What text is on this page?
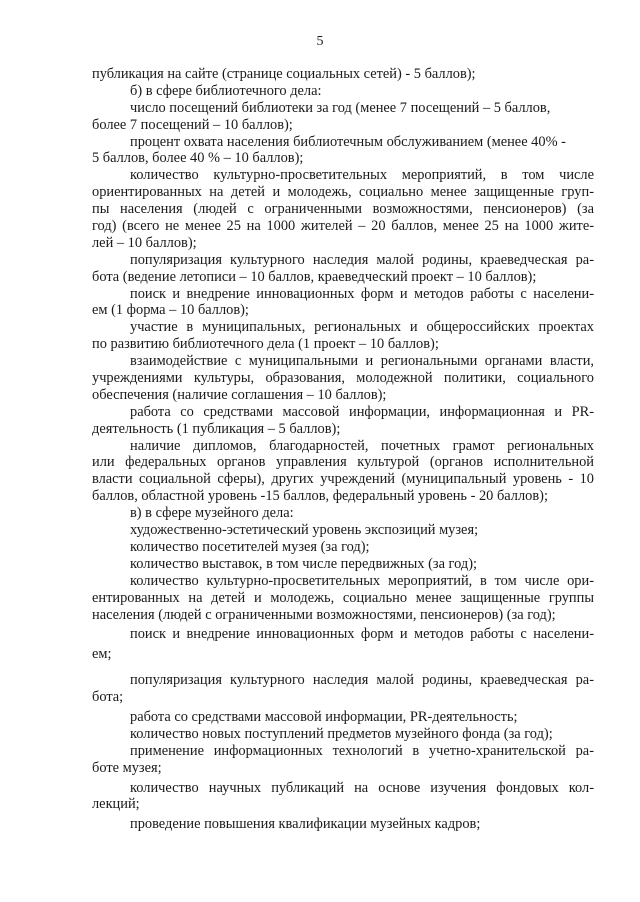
5
публикация на сайте (странице социальных сетей) - 5 баллов);
б) в сфере библиотечного дела:
число посещений библиотеки за год (менее 7 посещений – 5 баллов,
более 7 посещений – 10 баллов);
процент охвата населения библиотечным обслуживанием (менее 40% -
5 баллов, более 40 % – 10 баллов);
количество культурно-просветительных мероприятий, в том числе
ориентированных на детей и молодежь, социально менее защищенные груп-
пы населения (людей с ограниченными возможностями, пенсионеров) (за
год) (всего не менее 25 на 1000 жителей – 20 баллов, менее 25 на 1000 жите-
лей – 10 баллов);
популяризация культурного наследия малой родины, краеведческая ра-
бота (ведение летописи – 10 баллов, краеведческий проект – 10 баллов);
поиск и внедрение инновационных форм и методов работы с населени-
ем (1 форма – 10 баллов);
участие в муниципальных, региональных и общероссийских проектах
по развитию библиотечного дела (1 проект – 10 баллов);
взаимодействие с муниципальными и региональными органами власти,
учреждениями культуры, образования, молодежной политики, социального
обеспечения (наличие соглашения – 10 баллов);
работа со средствами массовой информации, информационная и PR-
деятельность (1 публикация – 5 баллов);
наличие дипломов, благодарностей, почетных грамот региональных
или федеральных органов управления культурой (органов исполнительной
власти социальной сферы), других учреждений (муниципальный уровень - 10
баллов, областной уровень -15 баллов, федеральный уровень - 20 баллов);
в) в сфере музейного дела:
художественно-эстетический уровень экспозиций музея;
количество посетителей музея (за год);
количество выставок, в том числе передвижных (за год);
количество культурно-просветительных мероприятий, в том числе ори-
ентированных на детей и молодежь, социально менее защищенные группы
населения (людей с ограниченными возможностями, пенсионеров) (за год);
поиск и внедрение инновационных форм и методов работы с населени-
ем;
популяризация культурного наследия малой родины, краеведческая ра-
бота;
работа со средствами массовой информации, PR-деятельность;
количество новых поступлений предметов музейного фонда (за год);
применение информационных технологий в учетно-хранительской ра-
боте музея;
количество научных публикаций на основе изучения фондовых кол-
лекций;
проведение повышения квалификации музейных кадров;
